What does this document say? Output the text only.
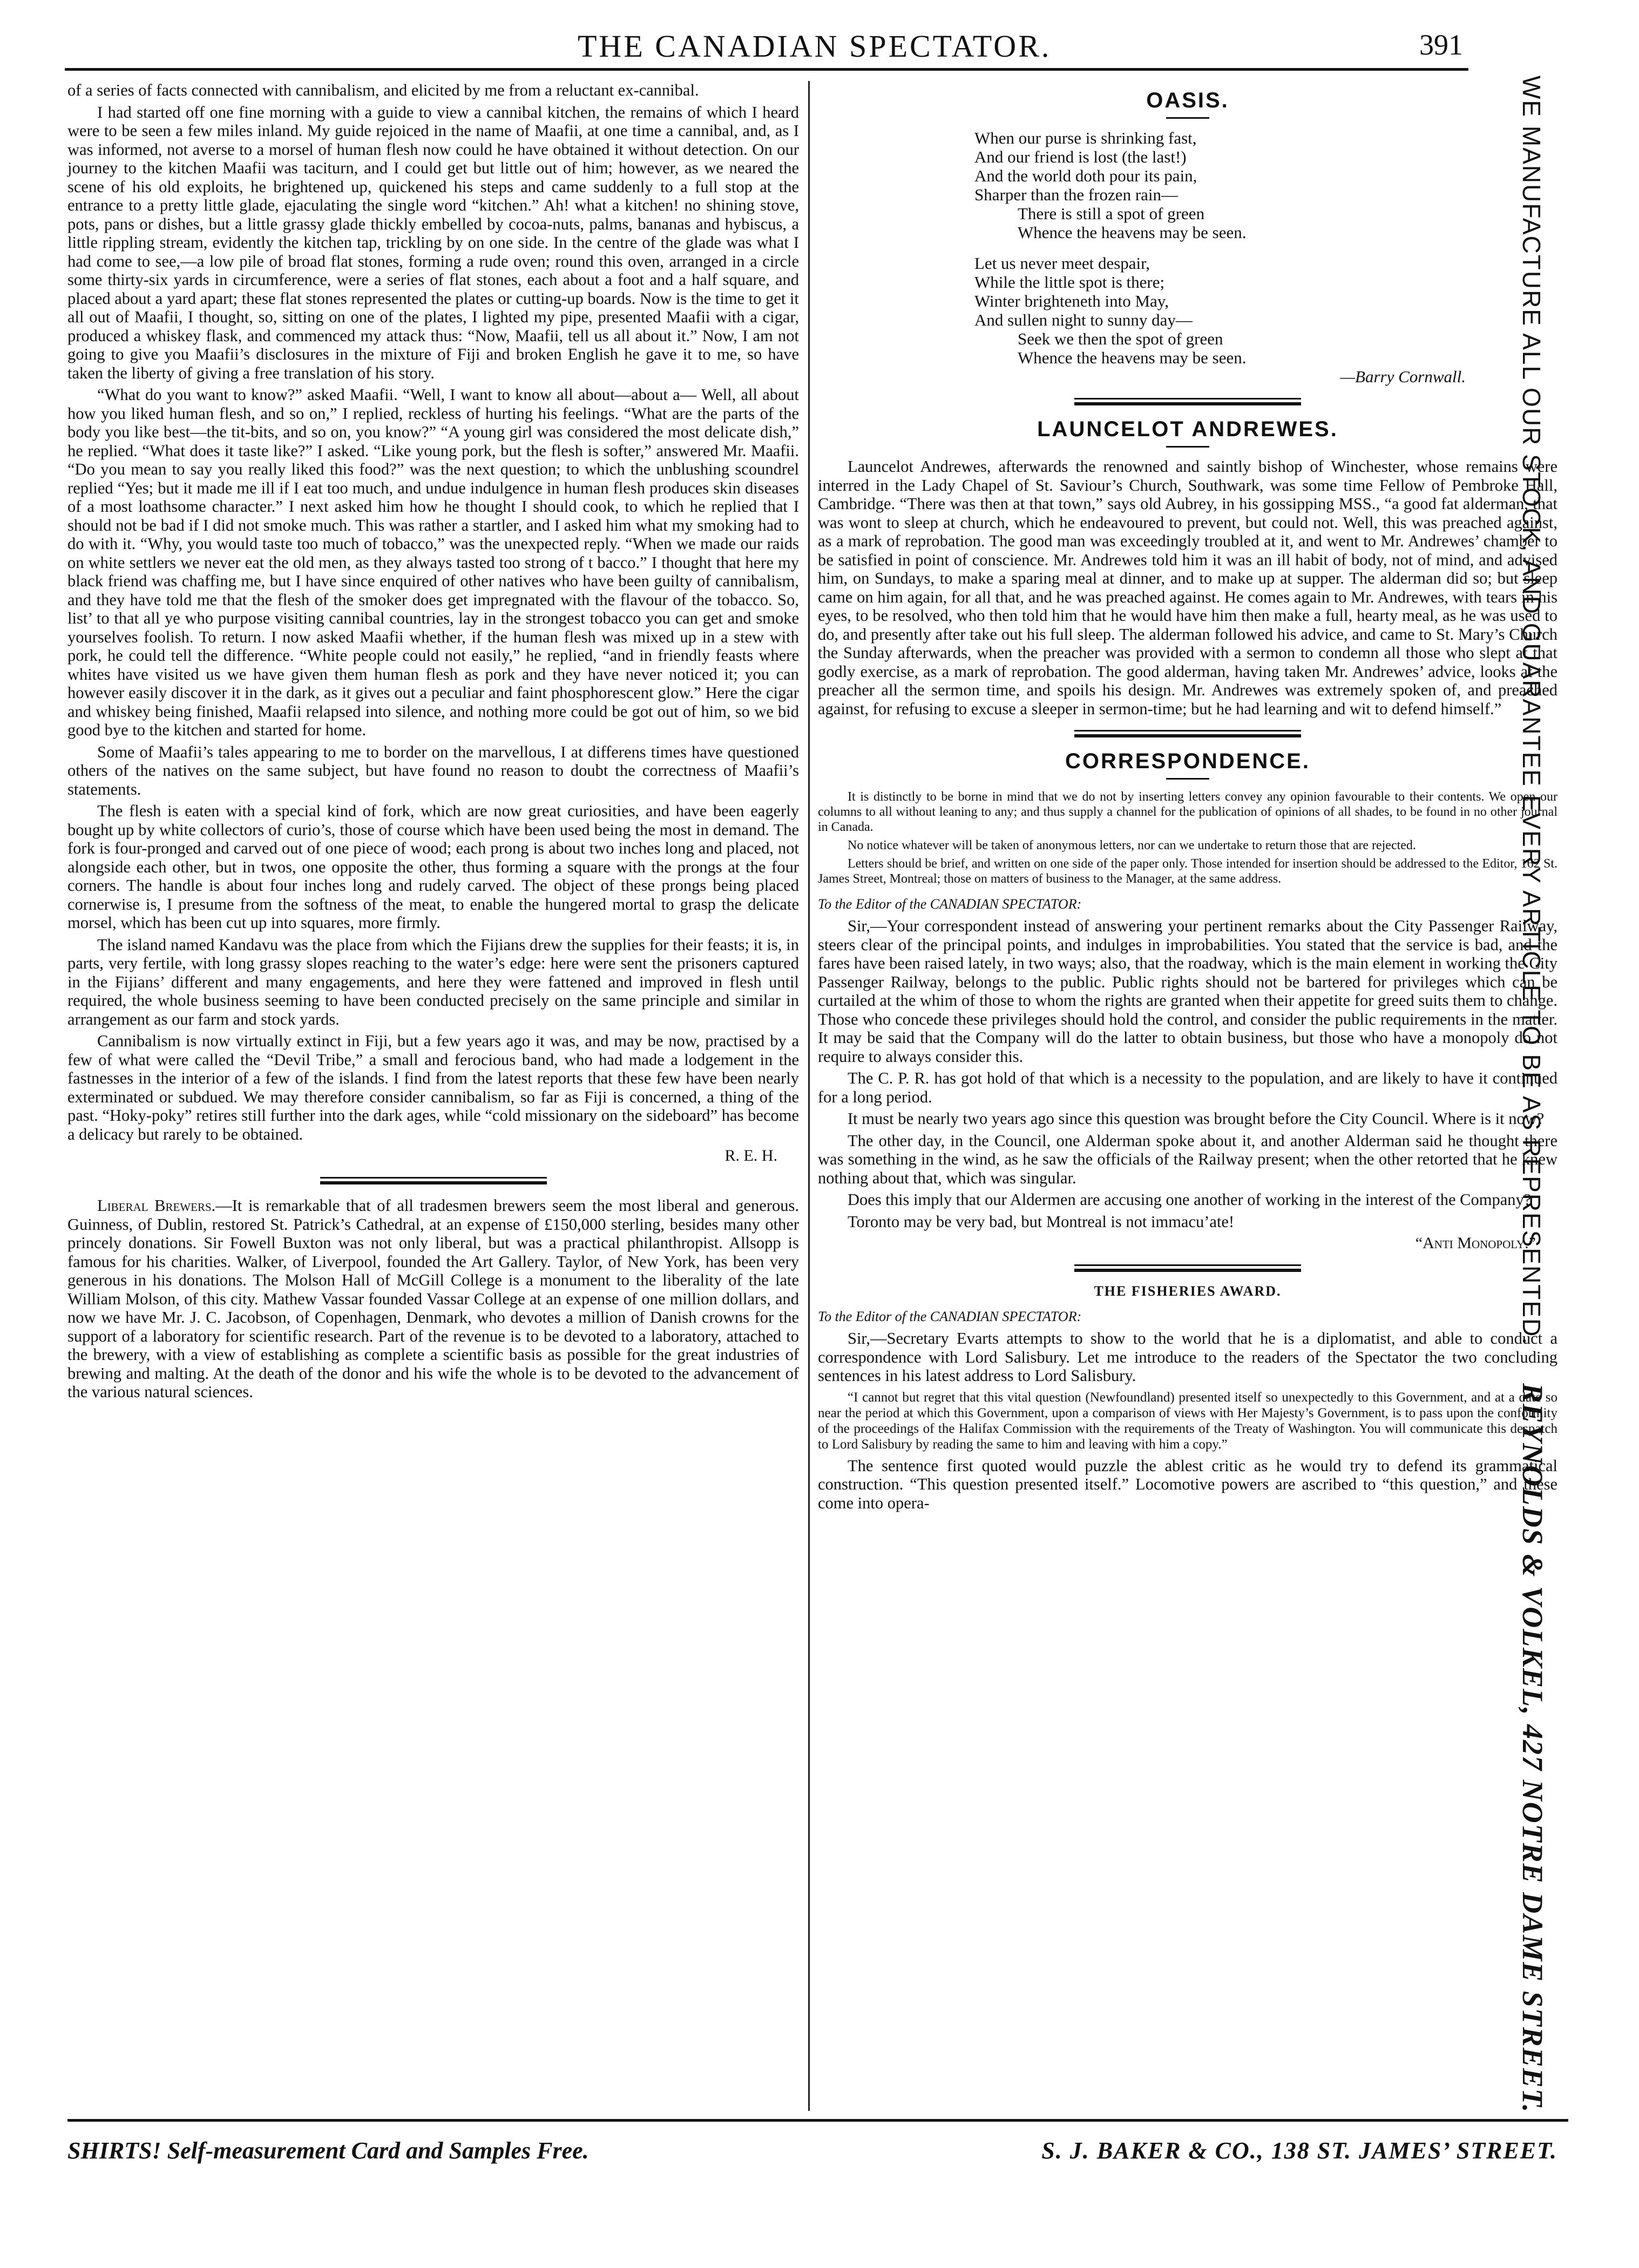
THE CANADIAN SPECTATOR.	391

of a series of facts connected with cannibalism, and elicited by me from a reluctant ex-cannibal.

I had started off one fine morning with a guide to view a cannibal kitchen, the remains of which I heard were to be seen a few miles inland. My guide rejoiced in the name of Maafii, at one time a cannibal, and, as I was informed, not averse to a morsel of human flesh now could he have obtained it without detection. On our journey to the kitchen Maafii was taciturn, and I could get but little out of him; however, as we neared the scene of his old exploits, he brightened up, quickened his steps and came suddenly to a full stop at the entrance to a pretty little glade, ejaculating the single word “kitchen.” Ah! what a kitchen! no shining stove, pots, pans or dishes, but a little grassy glade thickly embelled by cocoa-nuts, palms, bananas and hybiscus, a little rippling stream, evidently the kitchen tap, trickling by on one side. In the centre of the glade was what I had come to see,—a low pile of broad flat stones, forming a rude oven; round this oven, arranged in a circle some thirty-six yards in circumference, were a series of flat stones, each about a foot and a half square, and placed about a yard apart; these flat stones represented the plates or cutting-up boards. Now is the time to get it all out of Maafii, I thought, so, sitting on one of the plates, I lighted my pipe, presented Maafii with a cigar, produced a whiskey flask, and commenced my attack thus: “Now, Maafii, tell us all about it.” Now, I am not going to give you Maafii’s disclosures in the mixture of Fiji and broken English he gave it to me, so have taken the liberty of giving a free translation of his story.

“What do you want to know?” asked Maafii. “Well, I want to know all about—about a— Well, all about how you liked human flesh, and so on,” I replied, reckless of hurting his feelings. “What are the parts of the body you like best—the tit-bits, and so on, you know?” “A young girl was considered the most delicate dish,” he replied. “What does it taste like?” I asked. “Like young pork, but the flesh is softer,” answered Mr. Maafii. “Do you mean to say you really liked this food?” was the next question; to which the unblushing scoundrel replied “Yes; but it made me ill if I eat too much, and undue indulgence in human flesh produces skin diseases of a most loathsome character.” I next asked him how he thought I should cook, to which he replied that I should not be bad if I did not smoke much. This was rather a startler, and I asked him what my smoking had to do with it. “Why, you would taste too much of tobacco,” was the unexpected reply. “When we made our raids on white settlers we never eat the old men, as they always tasted too strong of t bacco.” I thought that here my black friend was chaffing me, but I have since enquired of other natives who have been guilty of cannibalism, and they have told me that the flesh of the smoker does get impregnated with the flavour of the tobacco. So, list’ to that all ye who purpose visiting cannibal countries, lay in the strongest tobacco you can get and smoke yourselves foolish. To return. I now asked Maafii whether, if the human flesh was mixed up in a stew with pork, he could tell the difference. “White people could not easily,” he replied, “and in friendly feasts where whites have visited us we have given them human flesh as pork and they have never noticed it; you can however easily discover it in the dark, as it gives out a peculiar and faint phosphorescent glow.” Here the cigar and whiskey being finished, Maafii relapsed into silence, and nothing more could be got out of him, so we bid good bye to the kitchen and started for home.

Some of Maafii’s tales appearing to me to border on the marvellous, I at differens times have questioned others of the natives on the same subject, but have found no reason to doubt the correctness of Maafii’s statements.

The flesh is eaten with a special kind of fork, which are now great curiosities, and have been eagerly bought up by white collectors of curio’s, those of course which have been used being the most in demand. The fork is four-pronged and carved out of one piece of wood; each prong is about two inches long and placed, not alongside each other, but in twos, one opposite the other, thus forming a square with the prongs at the four corners. The handle is about four inches long and rudely carved. The object of these prongs being placed cornerwise is, I presume from the softness of the meat, to enable the hungered mortal to grasp the delicate morsel, which has been cut up into squares, more firmly.

The island named Kandavu was the place from which the Fijians drew the supplies for their feasts; it is, in parts, very fertile, with long grassy slopes reaching to the water’s edge: here were sent the prisoners captured in the Fijians’ different and many engagements, and here they were fattened and improved in flesh until required, the whole business seeming to have been conducted precisely on the same principle and similar in arrangement as our farm and stock yards.

Cannibalism is now virtually extinct in Fiji, but a few years ago it was, and may be now, practised by a few of what were called the “Devil Tribe,” a small and ferocious band, who had made a lodgement in the fastnesses in the interior of a few of the islands. I find from the latest reports that these few have been nearly exterminated or subdued. We may therefore consider cannibalism, so far as Fiji is concerned, a thing of the past. “Hoky-poky” retires still further into the dark ages, while “cold missionary on the sideboard” has become a delicacy but rarely to be obtained.

R. E. H.

Liberal Brewers.—It is remarkable that of all tradesmen brewers seem the most liberal and generous. Guinness, of Dublin, restored St. Patrick’s Cathedral, at an expense of £150,000 sterling, besides many other princely donations. Sir Fowell Buxton was not only liberal, but was a practical philanthropist. Allsopp is famous for his charities. Walker, of Liverpool, founded the Art Gallery. Taylor, of New York, has been very generous in his donations. The Molson Hall of McGill College is a monument to the liberality of the late William Molson, of this city. Mathew Vassar founded Vassar College at an expense of one million dollars, and now we have Mr. J. C. Jacobson, of Copenhagen, Denmark, who devotes a million of Danish crowns for the support of a laboratory for scientific research. Part of the revenue is to be devoted to a laboratory, attached to the brewery, with a view of establishing as complete a scientific basis as possible for the great industries of brewing and malting. At the death of the donor and his wife the whole is to be devoted to the advancement of the various natural sciences.

OASIS.
When our purse is shrinking fast,
And our friend is lost (the last!)
And the world doth pour its pain,
Sharper than the frozen rain—
There is still a spot of green
Whence the heavens may be seen.
Let us never meet despair,
While the little spot is there;
Winter brighteneth into May,
And sullen night to sunny day—
Seek we then the spot of green
Whence the heavens may be seen.
—Barry Cornwall.
LAUNCELOT ANDREWES.

Launcelot Andrewes, afterwards the renowned and saintly bishop of Winchester, whose remains were interred in the Lady Chapel of St. Saviour’s Church, Southwark, was some time Fellow of Pembroke Hall, Cambridge. “There was then at that town,” says old Aubrey, in his gossipping MSS., “a good fat alderman, that was wont to sleep at church, which he endeavoured to prevent, but could not. Well, this was preached against, as a mark of reprobation. The good man was exceedingly troubled at it, and went to Mr. Andrewes’ chamber to be satisfied in point of conscience. Mr. Andrewes told him it was an ill habit of body, not of mind, and advised him, on Sundays, to make a sparing meal at dinner, and to make up at supper. The alderman did so; but sleep came on him again, for all that, and he was preached against. He comes again to Mr. Andrewes, with tears in his eyes, to be resolved, who then told him that he would have him then make a full, hearty meal, as he was used to do, and presently after take out his full sleep. The alderman followed his advice, and came to St. Mary’s Church the Sunday afterwards, when the preacher was provided with a sermon to condemn all those who slept at that godly exercise, as a mark of reprobation. The good alderman, having taken Mr. Andrewes’ advice, looks at the preacher all the sermon time, and spoils his design. Mr. Andrewes was extremely spoken of, and preached against, for refusing to excuse a sleeper in sermon-time; but he had learning and wit to defend himself.”

CORRESPONDENCE.

It is distinctly to be borne in mind that we do not by inserting letters convey any opinion favourable to their contents. We open our columns to all without leaning to any; and thus supply a channel for the publication of opinions of all shades, to be found in no other journal in Canada.

No notice whatever will be taken of anonymous letters, nor can we undertake to return those that are rejected.

Letters should be brief, and written on one side of the paper only. Those intended for insertion should be addressed to the Editor, 162 St. James Street, Montreal; those on matters of business to the Manager, at the same address.

To the Editor of the CANADIAN SPECTATOR:

Sir,—Your correspondent instead of answering your pertinent remarks about the City Passenger Railway, steers clear of the principal points, and indulges in improbabilities. You stated that the service is bad, and the fares have been raised lately, in two ways; also, that the roadway, which is the main element in working the City Passenger Railway, belongs to the public. Public rights should not be bartered for privileges which can be curtailed at the whim of those to whom the rights are granted when their appetite for greed suits them to change. Those who concede these privileges should hold the control, and consider the public requirements in the matter. It may be said that the Company will do the latter to obtain business, but those who have a monopoly do not require to always consider this.

The C. P. R. has got hold of that which is a necessity to the population, and are likely to have it continued for a long period.

It must be nearly two years ago since this question was brought before the City Council. Where is it now?

The other day, in the Council, one Alderman spoke about it, and another Alderman said he thought there was something in the wind, as he saw the officials of the Railway present; when the other retorted that he knew nothing about that, which was singular.

Does this imply that our Aldermen are accusing one another of working in the interest of the Company?

Toronto may be very bad, but Montreal is not immacu’ate!

“Anti Monopoly.”
THE FISHERIES AWARD.
To the Editor of the CANADIAN SPECTATOR:

Sir,—Secretary Evarts attempts to show to the world that he is a diplomatist, and able to conduct a correspondence with Lord Salisbury. Let me introduce to the readers of the Spectator the two concluding sentences in his latest address to Lord Salisbury.

“I cannot but regret that this vital question (Newfoundland) presented itself so unexpectedly to this Government, and at a date so near the period at which this Government, upon a comparison of views with Her Majesty’s Government, is to pass upon the conformity of the proceedings of the Halifax Commission with the requirements of the Treaty of Washington. You will communicate this despatch to Lord Salisbury by reading the same to him and leaving with him a copy.”

The sentence first quoted would puzzle the ablest critic as he would try to defend its grammatical construction. “This question presented itself.” Locomotive powers are ascribed to “this question,” and these come into opera-

WE MANUFACTURE ALL OUR STOCK, AND GUARANTEE EVERY ARTICLE TO BE AS REPRESENTED.REYNOLDS & VOLKEL, 427 NOTRE DAME STREET.
SHIRTS! Self-measurement Card and Samples Free.	S. J. BAKER & CO., 138 ST. JAMES’ STREET.
